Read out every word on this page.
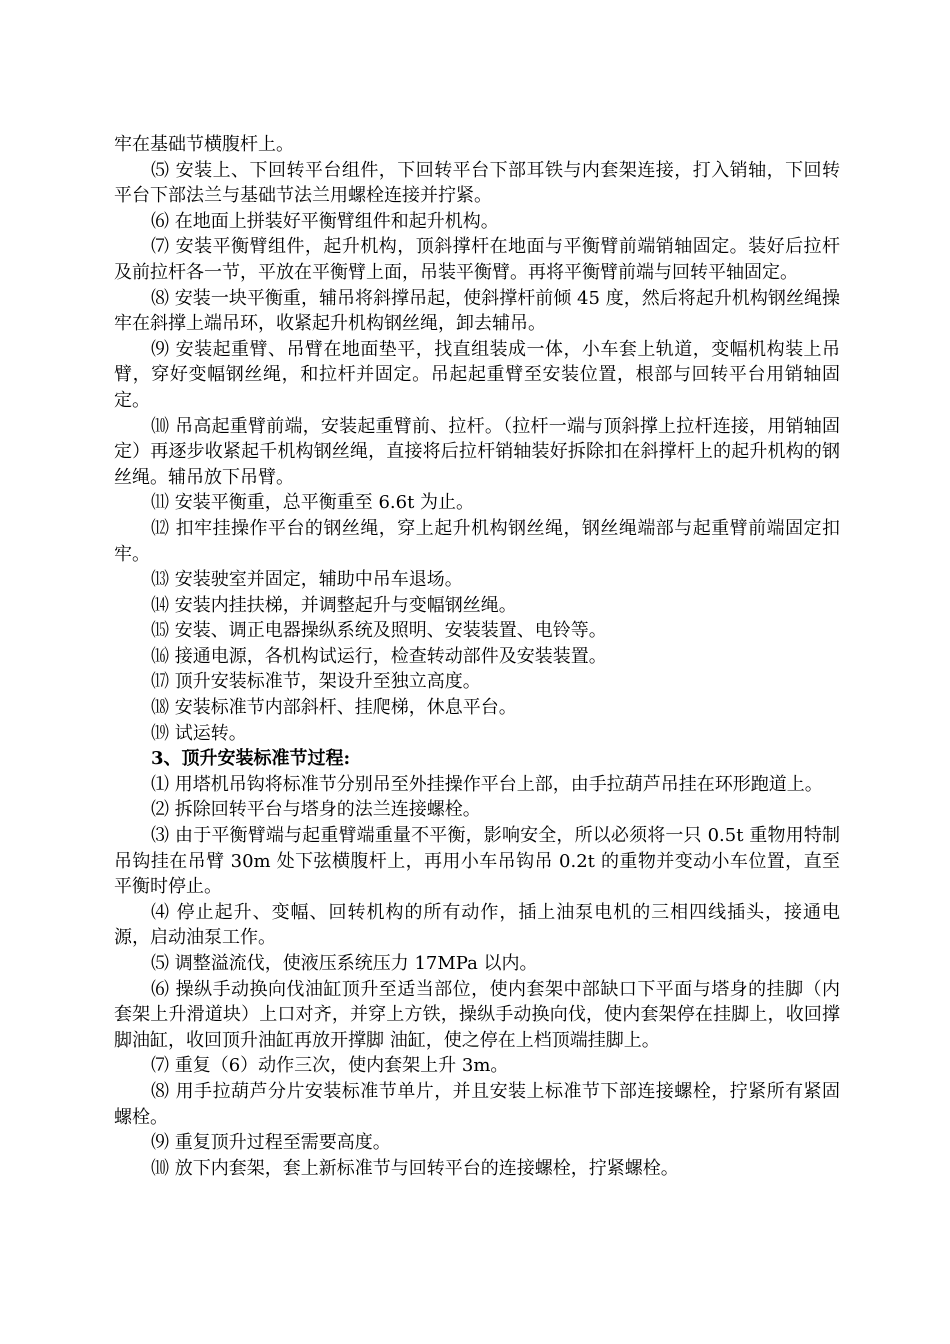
牢在基础节横腹杆上。

⑸ 安装上、下回转平台组件，下回转平台下部耳铁与内套架连接，打入销轴，下回转平台下部法兰与基础节法兰用螺栓连接并拧紧。

⑹ 在地面上拼装好平衡臂组件和起升机构。

⑺ 安装平衡臂组件，起升机构，顶斜撑杆在地面与平衡臂前端销轴固定。装好后拉杆及前拉杆各一节，平放在平衡臂上面，吊装平衡臂。再将平衡臂前端与回转平轴固定。

⑻ 安装一块平衡重，辅吊将斜撑吊起，使斜撑杆前倾 45 度，然后将起升机构钢丝绳操牢在斜撑上端吊环，收紧起升机构钢丝绳，卸去辅吊。

⑼ 安装起重臂、吊臂在地面垫平，找直组装成一体，小车套上轨道，变幅机构装上吊臂，穿好变幅钢丝绳，和拉杆并固定。吊起起重臂至安装位置，根部与回转平台用销轴固定。

⑽ 吊高起重臂前端，安装起重臂前、拉杆。（拉杆一端与顶斜撑上拉杆连接，用销轴固定）再逐步收紧起千机构钢丝绳，直接将后拉杆销轴装好拆除扣在斜撑杆上的起升机构的钢丝绳。辅吊放下吊臂。

⑾ 安装平衡重，总平衡重至 6.6t 为止。

⑿ 扣牢挂操作平台的钢丝绳，穿上起升机构钢丝绳，钢丝绳端部与起重臂前端固定扣牢。

⒀ 安装驶室并固定，辅助中吊车退场。

⒁ 安装内挂扶梯，并调整起升与变幅钢丝绳。

⒂ 安装、调正电器操纵系统及照明、安装装置、电铃等。

⒃ 接通电源，各机构试运行，检查转动部件及安装装置。

⒄ 顶升安装标准节，架设升至独立高度。

⒅ 安装标准节内部斜杆、挂爬梯，休息平台。

⒆ 试运转。

3、顶升安装标准节过程:

⑴ 用塔机吊钩将标准节分别吊至外挂操作平台上部，由手拉葫芦吊挂在环形跑道上。

⑵ 拆除回转平台与塔身的法兰连接螺栓。

⑶ 由于平衡臂端与起重臂端重量不平衡，影响安全，所以必须将一只 0.5t 重物用特制吊钩挂在吊臂 30m 处下弦横腹杆上，再用小车吊钩吊 0.2t 的重物并变动小车位置，直至平衡时停止。

⑷ 停止起升、变幅、回转机构的所有动作，插上油泵电机的三相四线插头，接通电源，启动油泵工作。

⑸ 调整溢流伐，使液压系统压力 17MPa 以内。

⑹ 操纵手动换向伐油缸顶升至适当部位，使内套架中部缺口下平面与塔身的挂脚（内套架上升滑道块）上口对齐，并穿上方铁，操纵手动换向伐，使内套架停在挂脚上，收回撑脚油缸，收回顶升油缸再放开撑脚 油缸，使之停在上档顶端挂脚上。

⑺ 重复（6）动作三次，使内套架上升 3m。

⑻ 用手拉葫芦分片安装标准节单片，并且安装上标准节下部连接螺栓，拧紧所有紧固螺栓。

⑼ 重复顶升过程至需要高度。

⑽ 放下内套架，套上新标准节与回转平台的连接螺栓，拧紧螺栓。
